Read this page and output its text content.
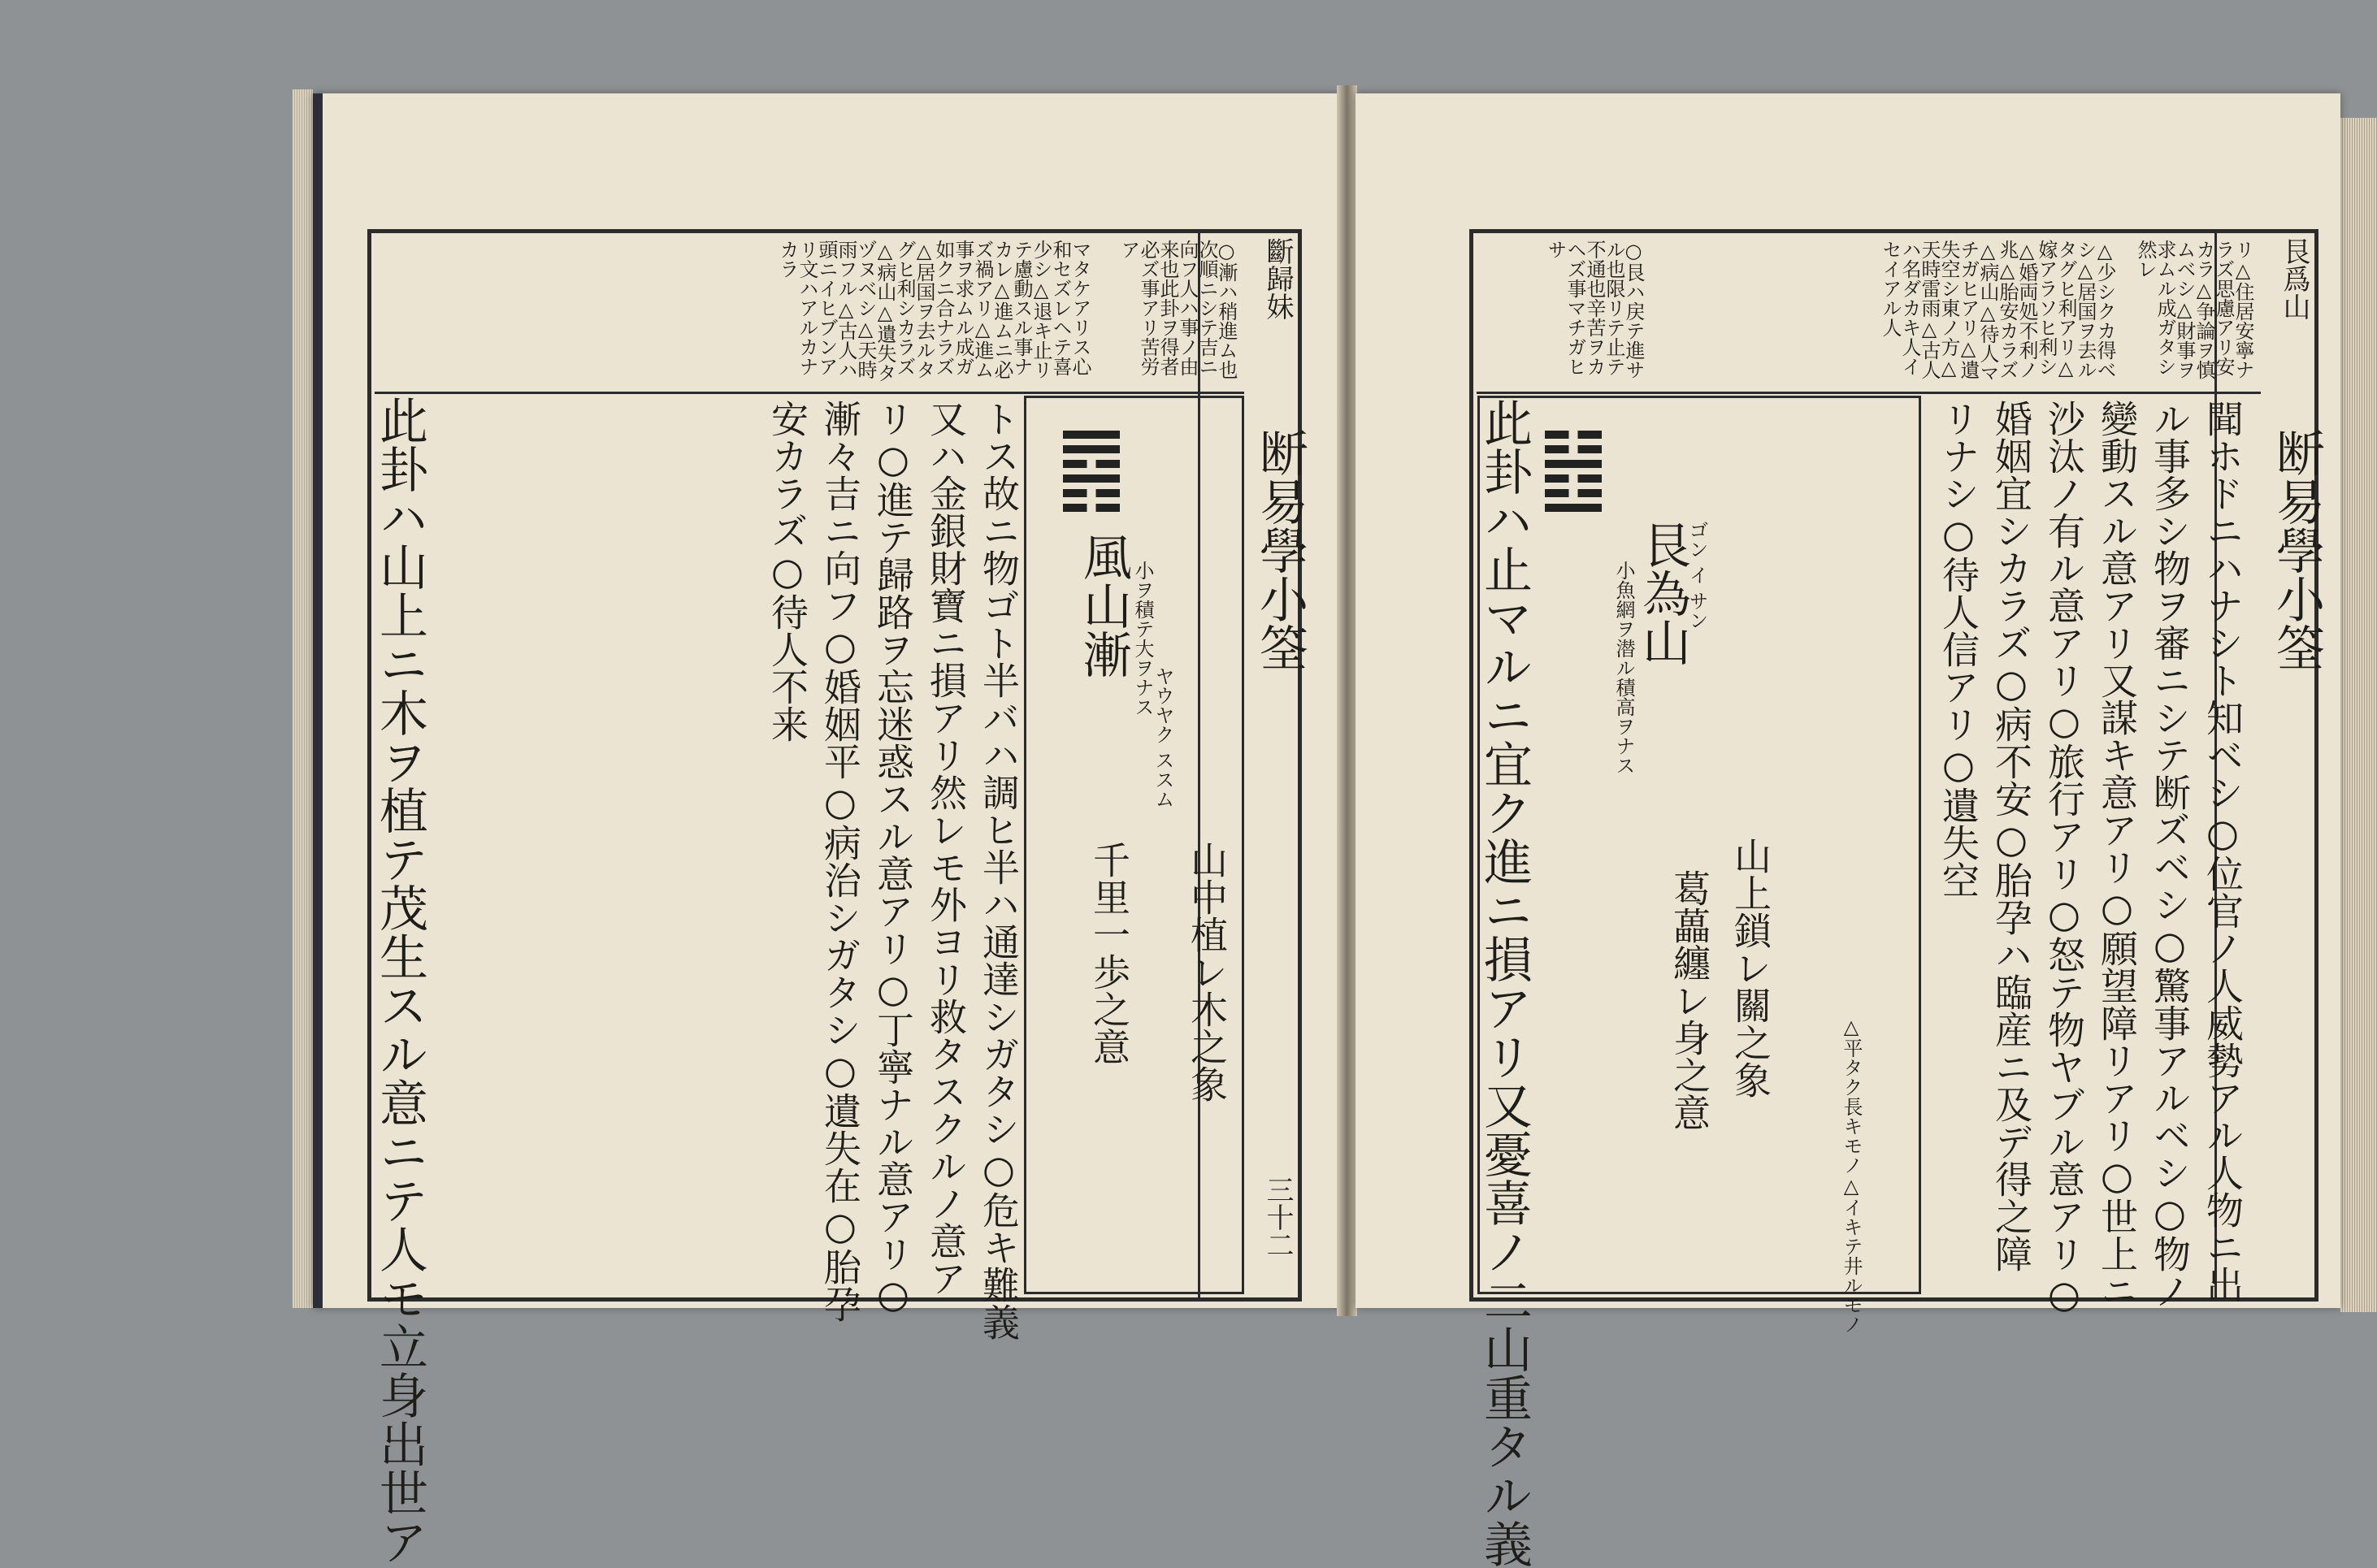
断易學小筌
斷歸妹
○漸ハ稍進ム也次順ニシテ吉ニ向フ人ハ事ノ由来也此卦ヲ得者必ズ事アリ苦労ア
マタケアリス心和セズレヘテ喜少シ△退キ止リテ慮動スル事ナカレ△進ムニ必ズ禍アリ△進ム事ヲ求ムル成ガ如クニ合ナラズ△居国ヲ去ルタグヒ利シカラズ△病山△遺失タヅヌベシ△天時雨フル△古人ハ頭ニイヒブンアリ文ハアルカナカラ
風山漸 小ヲ積テ大ヲナス
ヤウヤク ススム
山中植レ木之象
千里一歩之意
此卦ハ山上ニ木ヲ植テ茂生スル意ニテ人モ立身出世ア	トス故ニ物ゴト半バハ調ヒ半ハ通達シガタシ○危キ難義
又ハ金銀財寶ニ損アリ然レモ外ヨリ救タスクルノ意ア
リ○進テ歸路ヲ忘迷惑スル意アリ○丁寧ナル意アリ○
漸々吉ニ向フ○婚姻平○病治シガタシ○遺失在○胎孕
安カラズ○待人不来
三十二
断易學小筌
艮爲山
リ△住居安寧ナラズ思慮アリ安カラ△争論ヲ慎ムベシ△財事ヲ求ムル成ガタシ然レ
△少シクカ得ベシ△居国ヲ去ルタグヒ利アリ△嫁アラソヒ利シ△婚両処不利ノ兆△胎安カラズ△病山△待人マチガヒアリ△遺失空シ東ノ方△天時雷雨△古人ハ名ダカキ人イセイアル人
○艮ハ戻テ進サル也限リテ止テ不通也辛苦ヲカヘズ事マチガヒサ
聞ホドニハナシト知ベシ○位官ノ人威勢アル人物ニ出
ル事多シ物ヲ審ニシテ断ズベシ○驚事アルベシ○物ノ
變動スル意アリ又謀キ意アリ○願望障リアリ○世上ニ
沙汰ノ有ル意アリ○旅行アリ○怒テ物ヤブル意アリ○
婚姻宜シカラズ○病不安○胎孕ハ臨産ニ及デ得之障
リナシ○待人信アリ○遺失空
艮為山
ゴン イ サン
小魚網ヲ潜ル積高ヲナス
山上鎖レ關之象
葛藟纏レ身之意
此卦ハ止マルニ宜ク進ニ損アリ又憂喜ノ二山重タル義	△平タク長キモノ△イキテ井ルモノ
